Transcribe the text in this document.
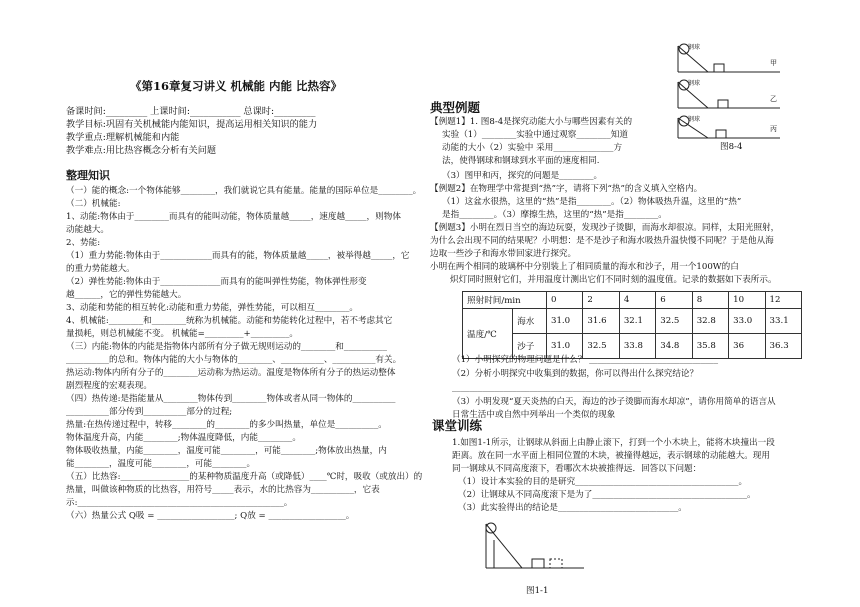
《第16章复习讲义 机械能 内能 比热容》
备课时间:_________ 上课时间:___________ 总课时:_________
教学目标:巩固有关机械能内能知识，提高运用相关知识的能力
教学重点:理解机械能和内能
教学难点:用比热容概念分析有关问题
整理知识
（一）能的概念:一个物体能够________，我们就说它具有能量。能量的国际单位是________。
（二）机械能:
1、动能:物体由于________而具有的能叫动能，物体质量越_____，速度越_____，则物体
动能越大。
2、势能:
（1）重力势能:物体由于____________而具有的能，物体质量越_____，被举得越_____，它
的重力势能越大。
（2）弹性势能:物体由于______________而具有的能叫弹性势能，物体弹性形变
越______，它的弹性势能越大。
3、动能和势能的相互转化:动能和重力势能，弹性势能，可以相互________。
4、机械能:________和________统称为机械能。动能和势能转化过程中，若不考虑其它
量损耗，则总机械能不变。 机械能=_________+_________。
（三）内能:物体的内能是指物体内部所有分子做无规则运动的________和__________
__________的总和。物体内能的大小与物体的________、__________、__________有关。
热运动:物体内所有分子的________运动称为热运动。温度是物体所有分子的热运动整体
剧烈程度的宏观表现。
（四）热传递:是指能量从________物体传到________物体或者从同一物体的__________
__________部分传到__________部分的过程;
热量:在热传递过程中，转移________的________的多少叫热量，单位是__________。
物体温度升高，内能________;物体温度降低，内能________。
物体吸收热量，内能________，温度可能________，可能________;物体放出热量，内
能________，温度可能________，可能________。
（五）比热容:________________的某种物质温度升高（或降低）____℃时，吸收（或放出）的
热量，叫做该种物质的比热容，用符号_____表示，水的比热容为__________，它表
示:________________________________________________。
（六）热量公式 Q吸 = __________________; Q放 = __________________。
钢球
钢球
钢球
甲
乙
丙
图8-4
典型例题
【例题1】1. 图8-4是探究动能大小与哪些因素有关的
实验（1）________实验中通过观察________知道
动能的大小（2）实验中 采用______________方
法，使得钢球和钢球到水平面的速度相同.
（3）图甲和丙，探究的问题是________。
【例题2】在物理学中常提到“热”字，请将下列“热”的含义填入空格内。
（1）这盆水很热，这里的“热”是指________。（2）物体吸热升温，这里的“热”
是指________。（3）摩擦生热，这里的“热”是指________。
【例题3】小明在烈日当空的海边玩耍，发现沙子烫脚，而海水却很凉。同样，太阳光照射，
为什么会出现不同的结果呢？小明想：是不是沙子和海水吸热升温快慢不同呢？于是他从海
边取一些沙子和海水带回家进行探究。
小明在两个相同的玻璃杯中分别装上了相同质量的海水和沙子，用一个100W的白
炽灯同时照射它们，并用温度计测出它们不同时刻的温度值。记录的数据如下表所示。
照射时间/min		0	2	4	6	8	10	12
温度/℃	海水	31.0	31.6	32.1	32.5	32.8	33.0	33.1
	沙子	31.0	32.5	33.8	34.8	35.8	36	36.3
（1）小明探究的物理问题是什么？ ______________________________
（2）分析小明探究中收集到的数据，你可以得出什么探究结论？
____________________________________________
（3）小明发现“夏天炎热的白天，海边的沙子烫脚而海水却凉”，请你用简单的语言从
日常生活中或自然中列举出一个类似的现象
课堂训练
1.如图1-1所示，让钢球从斜面上由静止滚下，打到一个小木块上，能将木块撞出一段
距离。放在同一水平面上相同位置的木块，被撞得越远，表示钢球的动能越大。现用
同一钢球从不同高度滚下，看哪次木块被推得远．回答以下问题：
（1）设计本实验的目的是研究______________________________________。
（2）让钢球从不同高度滚下是为了____________________________________。
（3）此实验得出的结论是____________________________。
图1-1
